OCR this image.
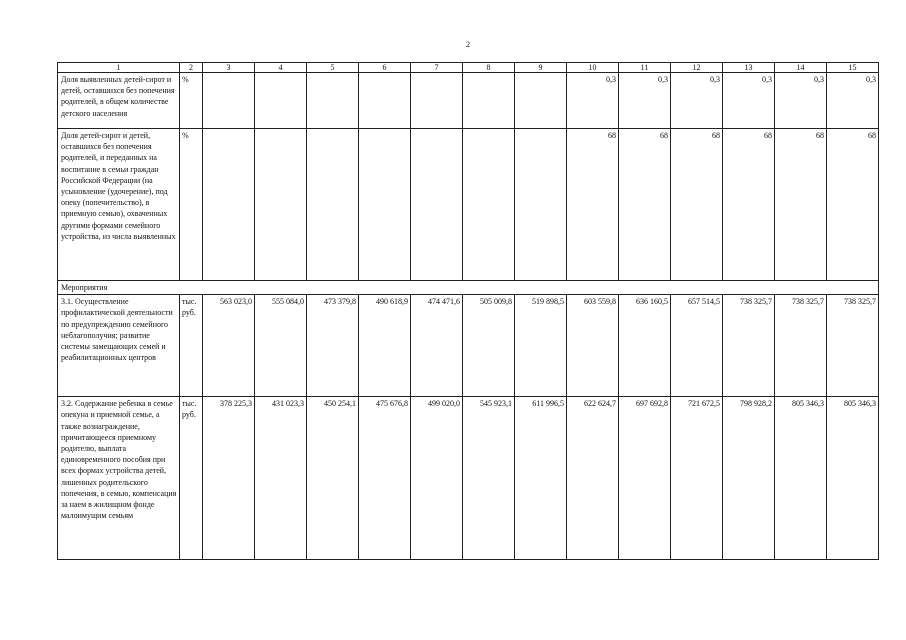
2
1	2	3	4	5	6	7	8	9	10	11	12	13	14	15
Доля выявленных детей-сирот и детей, оставшихся без попечения родителей, в общем количестве детского населения	%								0,3	0,3	0,3	0,3	0,3	0,3
Доля детей-сирот и детей, оставшихся без попечения родителей, и переданных на воспитание в семьи граждан Российской Федерации (на усыновление (удочерение), под опеку (попечительство), в приемную семью), охваченных другими формами семейного устройства, из числа выявленных	%								68	68	68	68	68	68
Мероприятия														
3.1. Осуществление профилактической деятельности по предупреждению семейного неблагополучия; развитие системы замещающих семей и реабилитационных центров	тыс. руб.	563 023,0	555 084,0	473 379,8	490 618,9	474 471,6	505 009,8	519 898,5	603 559,8	636 160,5	657 514,5	738 325,7	738 325,7	738 325,7
3.2. Содержание ребенка в семье опекуна и приемной семье, а также вознаграждение, причитающееся приемному родителю, выплата единовременного пособия при всех формах устройства детей, лишенных родительского попечения, в семью, компенсация за наем в жилищном фонде малоимущим семьям	тыс. руб.	378 225,3	431 023,3	450 254,1	475 676,8	499 020,0	545 923,1	611 996,5	622 624,7	697 692,8	721 672,5	798 928,2	805 346,3	805 346,3
